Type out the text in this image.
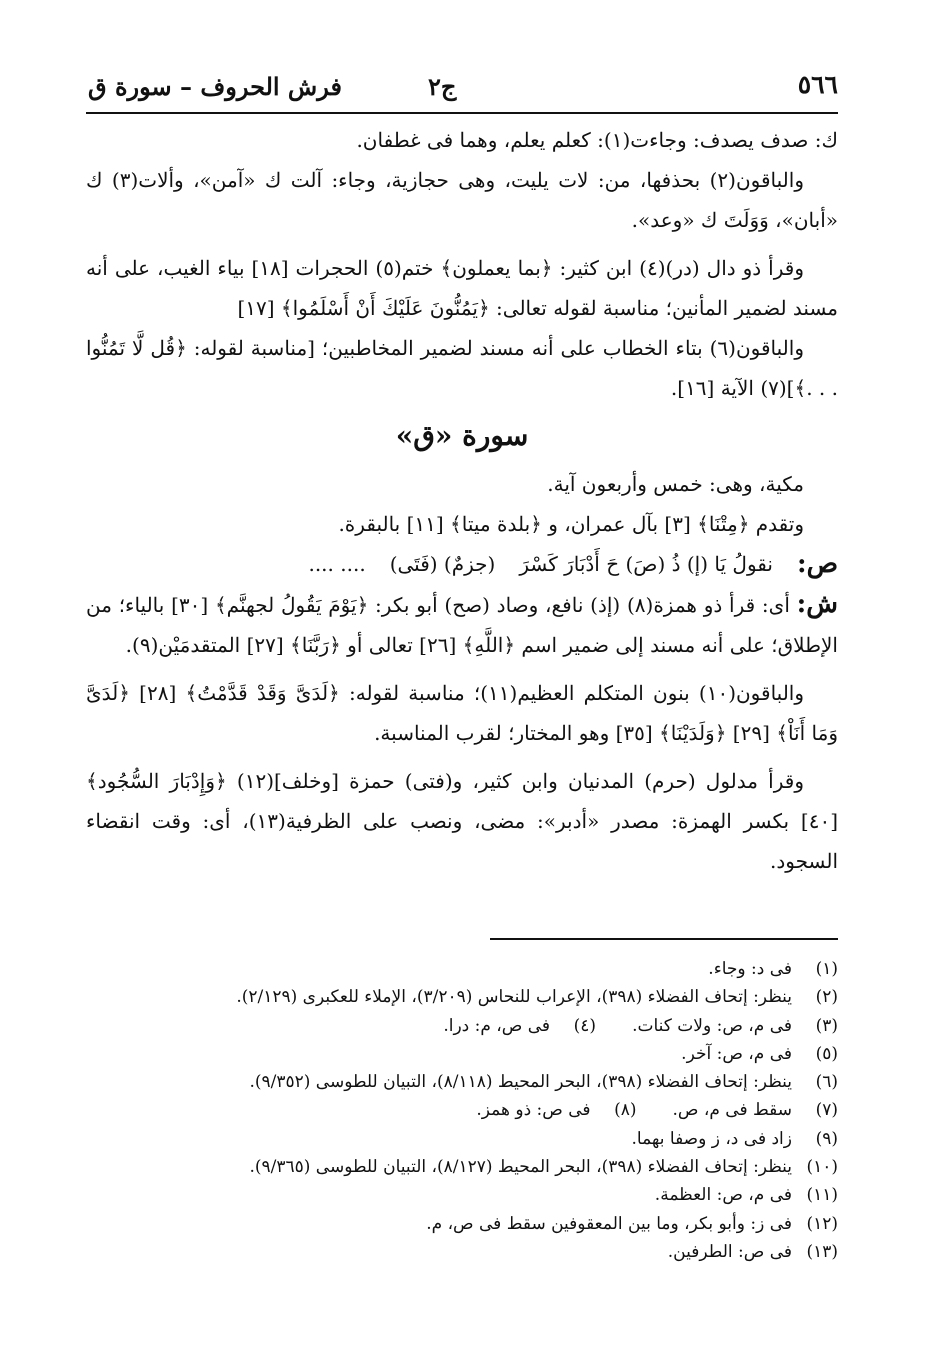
٥٦٦
ج٢
فرش الحروف – سورة ق

ك: صدف يصدف: وجاءت(١): كعلم يعلم، وهما فى غطفان.

والباقون(٢) بحذفها، من: لات يليت، وهى حجازية، وجاء: آلت ك «آمن»، وألات(٣) ك «أبان»، وَوَلَتَ ك «وعد».

وقرأ ذو دال (در)(٤) ابن كثير: ﴿بما يعملون﴾ ختم(٥) الحجرات [١٨] بياء الغيب، على أنه مسند لضمير المأنين؛ مناسبة لقوله تعالى: ﴿يَمُنُّونَ عَلَيْكَ أَنْ أَسْلَمُوا﴾ [١٧]

والباقون(٦) بتاء الخطاب على أنه مسند لضمير المخاطبين؛ [مناسبة لقوله: ﴿قُل لَّا تَمُنُّوا . . .﴾](٧) الآية [١٦].

سورة «ق»

مكية، وهى: خمس وأربعون آية.

وتقدم ﴿مِتْنَا﴾ [٣] بآل عمران، و ﴿بلدة ميتا﴾ [١١] بالبقرة.

ص:
نقولُ يَا (إ) ذُ (صَ) حَ أَدْبَارَ كَسْرَ
(جزمٌ) (فَتَى)
.... ....

ش: أى: قرأ ذو همزة(٨) (إذ) نافع، وصاد (صح) أبو بكر: ﴿يَوْمَ يَقُولُ لجهنَّم﴾ [٣٠] بالياء؛ من الإطلاق؛ على أنه مسند إلى ضمير اسم ﴿اللَّهِ﴾ [٢٦] تعالى أو ﴿رَبَّنَا﴾ [٢٧] المتقدمَيْن(٩).

والباقون(١٠) بنون المتكلم العظيم(١١)؛ مناسبة لقوله: ﴿لَدَىَّ وَقَدْ قَدَّمْتُ﴾ [٢٨] ﴿لَدَىَّ وَمَا أَنَاْ﴾ [٢٩] ﴿وَلَدَيْنَا﴾ [٣٥] وهو المختار؛ لقرب المناسبة.

وقرأ مدلول (حرم) المدنيان وابن كثير، و(فتى) حمزة [وخلف](١٢) ﴿وَإِدْبَارَ السُّجُود﴾ [٤٠] بكسر الهمزة: مصدر «أدبر»: مضى، ونصب على الظرفية(١٣)، أى: وقت انقضاء السجود.

(١)
فى د: وجاء.
(٢)
ينظر: إتحاف الفضلاء (٣٩٨)، الإعراب للنحاس (٣/٢٠٩)، الإملاء للعكبرى (٢/١٢٩).
(٣)
فى م، ص: ولات كنات.
(٤)
فى ص، م: درا.
(٥)
فى م، ص: آخر.
(٦)
ينظر: إتحاف الفضلاء (٣٩٨)، البحر المحيط (٨/١١٨)، التبيان للطوسى (٩/٣٥٢).
(٧)
سقط فى م، ص.
(٨)
فى ص: ذو همز.
(٩)
زاد فى د، ز وصفا بهما.
(١٠)
ينظر: إتحاف الفضلاء (٣٩٨)، البحر المحيط (٨/١٢٧)، التبيان للطوسى (٩/٣٦٥).
(١١)
فى م، ص: العظمة.
(١٢)
فى ز: وأبو بكر، وما بين المعقوفين سقط فى ص، م.
(١٣)
فى ص: الطرفين.
